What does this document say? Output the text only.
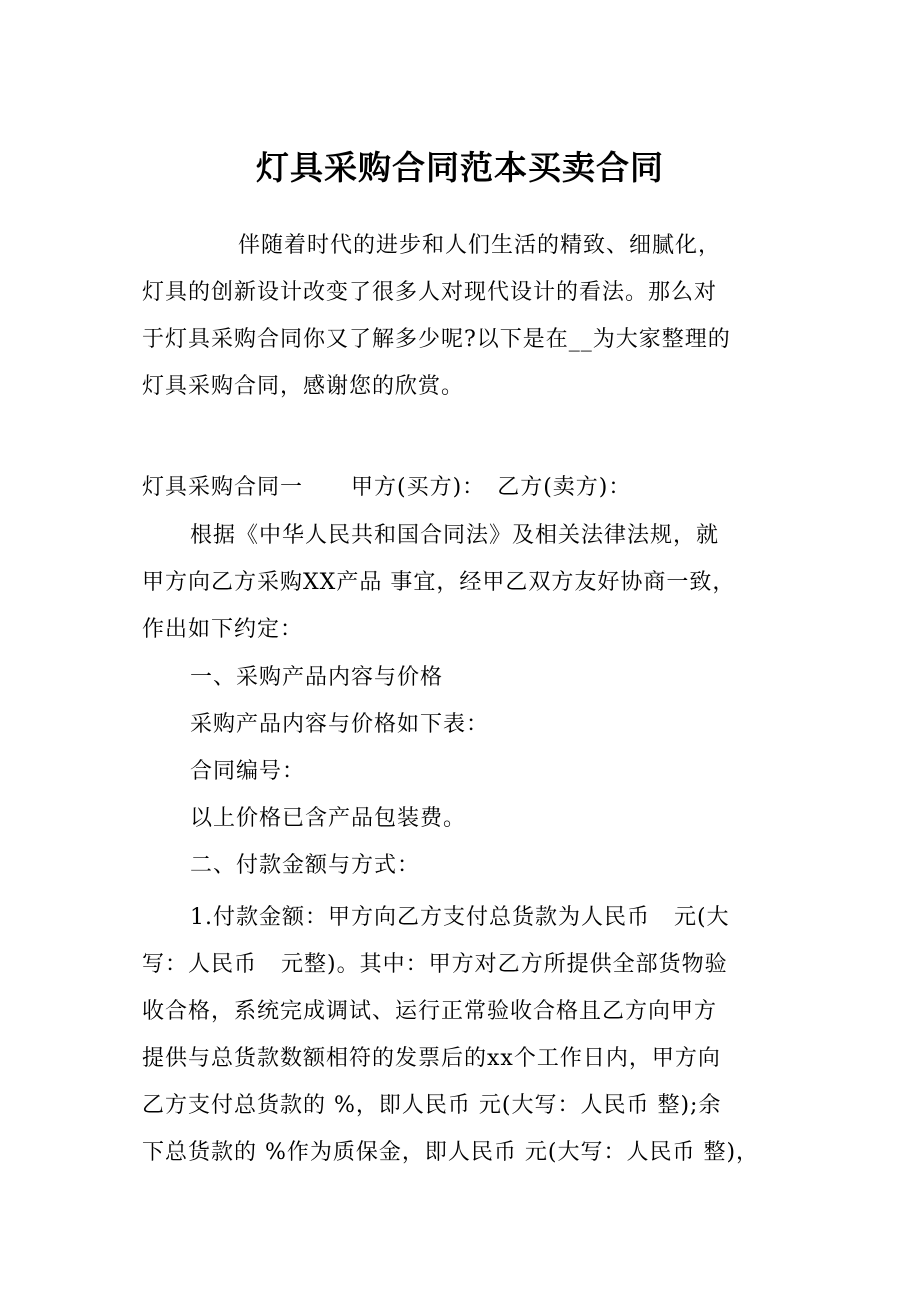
灯具采购合同范本买卖合同
伴随着时代的进步和人们生活的精致、细腻化，
灯具的创新设计改变了很多人对现代设计的看法。那么对
于灯具采购合同你又了解多少呢?以下是在__为大家整理的
灯具采购合同，感谢您的欣赏。
灯具采购合同一 甲方(买方)： 乙方(卖方)：
根据《中华人民共和国合同法》及相关法律法规，就
甲方向乙方采购XX产品 事宜，经甲乙双方友好协商一致，
作出如下约定：
一、采购产品内容与价格
采购产品内容与价格如下表：
合同编号：
以上价格已含产品包装费。
二、付款金额与方式：
1.付款金额：甲方向乙方支付总货款为人民币   元(大
写：人民币   元整)。其中：甲方对乙方所提供全部货物验
收合格，系统完成调试、运行正常验收合格且乙方向甲方
提供与总货款数额相符的发票后的xx个工作日内，甲方向
乙方支付总货款的 %，即人民币 元(大写：人民币 整);余
下总货款的 %作为质保金，即人民币 元(大写：人民币 整)，
